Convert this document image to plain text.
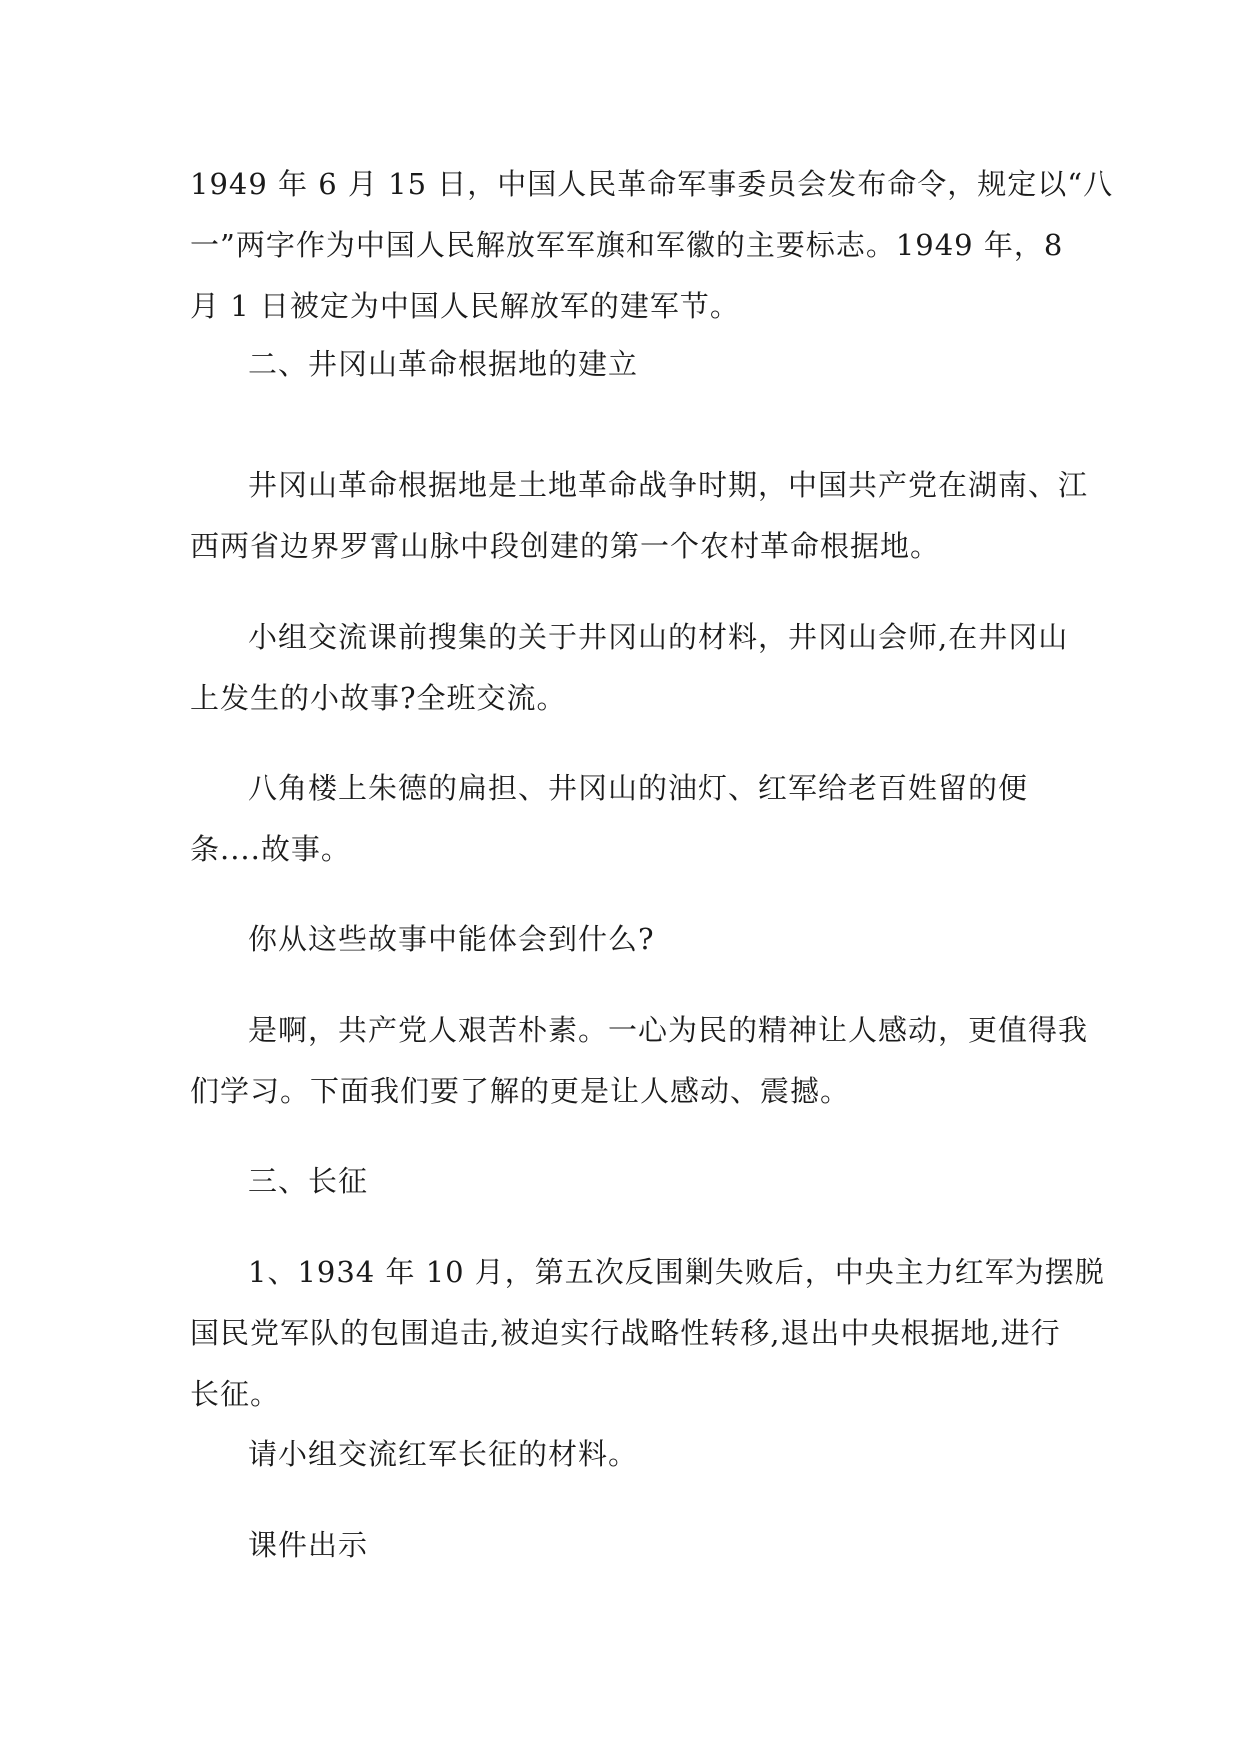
1949 年 6 月 15 日，中国人民革命军事委员会发布命令，规定以“八
一”两字作为中国人民解放军军旗和军徽的主要标志。1949 年，8
月 1 日被定为中国人民解放军的建军节。

二、井冈山革命根据地的建立

井冈山革命根据地是土地革命战争时期，中国共产党在湖南、江
西两省边界罗霄山脉中段创建的第一个农村革命根据地。

小组交流课前搜集的关于井冈山的材料，井冈山会师,在井冈山
上发生的小故事?全班交流。

八角楼上朱德的扁担、井冈山的油灯、红军给老百姓留的便
条....故事。

你从这些故事中能体会到什么?

是啊，共产党人艰苦朴素。一心为民的精神让人感动，更值得我
们学习。下面我们要了解的更是让人感动、震撼。

三、长征

1、1934 年 10 月，第五次反围剿失败后，中央主力红军为摆脱
国民党军队的包围追击,被迫实行战略性转移,退出中央根据地,进行
长征。

请小组交流红军长征的材料。

课件出示
